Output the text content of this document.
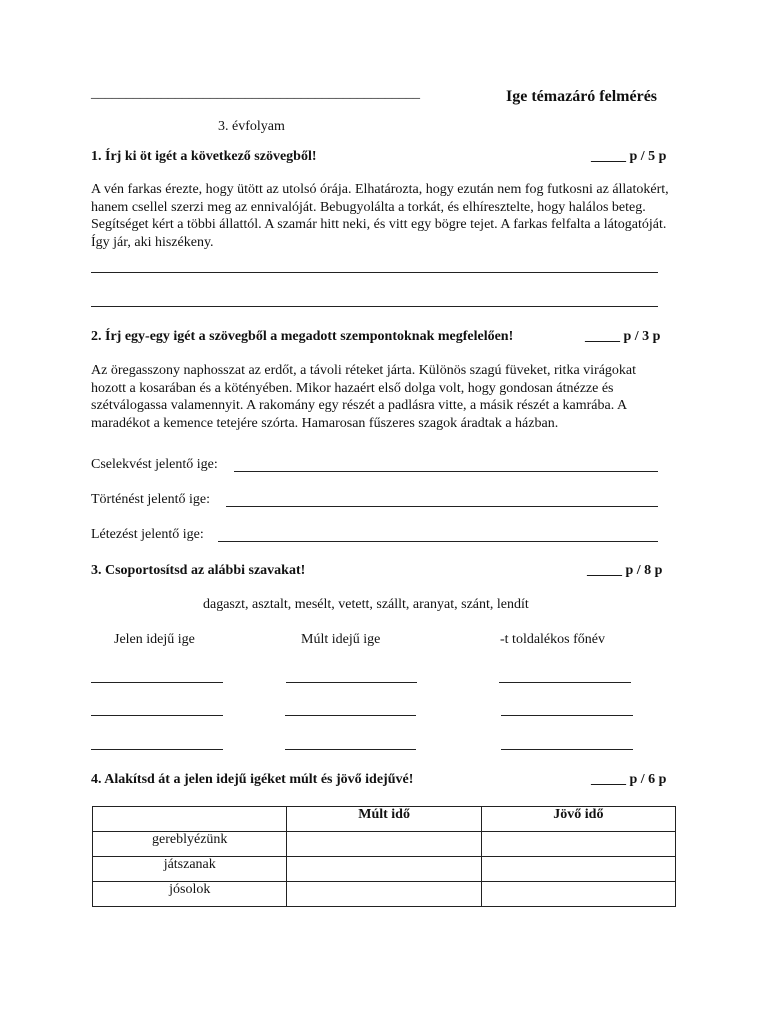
_______________________________________________	Ige témazáró felmérés
3. évfolyam
1. Írj ki öt igét a következő szövegből!	_____ p / 5 p
A vén farkas érezte, hogy ütött az utolsó órája. Elhatározta, hogy ezután nem fog futkosni az állatokért, hanem csellel szerzi meg az ennivalóját. Bebugyolálta a torkát, és elhíresztelte, hogy halálos beteg. Segítséget kért a többi állattól. A szamár hitt neki, és vitt egy bögre tejet. A farkas felfalta a látogatóját. Így jár, aki hiszékeny.
2. Írj egy-egy igét a szövegből a megadott szempontoknak megfelelően!	_____ p / 3 p
Az öregasszony naphosszat az erdőt, a távoli réteket járta. Különös szagú füveket, ritka virágokat hozott a kosarában és a kötényében. Mikor hazaért első dolga volt, hogy gondosan átnézze és szétválogassa valamennyit. A rakomány egy részét a padlásra vitte, a másik részét a kamrába. A maradékot a kemence tetejére szórta. Hamarosan fűszeres szagok áradtak a házban.
Cselekvést jelentő ige:
Történést jelentő ige:
Létezést jelentő ige:
3. Csoportosítsd az alábbi szavakat!	_____ p / 8 p
dagaszt, asztalt, mesélt, vetett, szállt, aranyat, szánt, lendít
Jelen idejű ige	Múlt idejű ige	-t toldalékos főnév
4. Alakítsd át a jelen idejű igéket múlt és jövő idejűvé!	_____ p / 6 p
	Múlt idő	Jövő idő
gereblyézünk		
játszanak		
jósolok		
